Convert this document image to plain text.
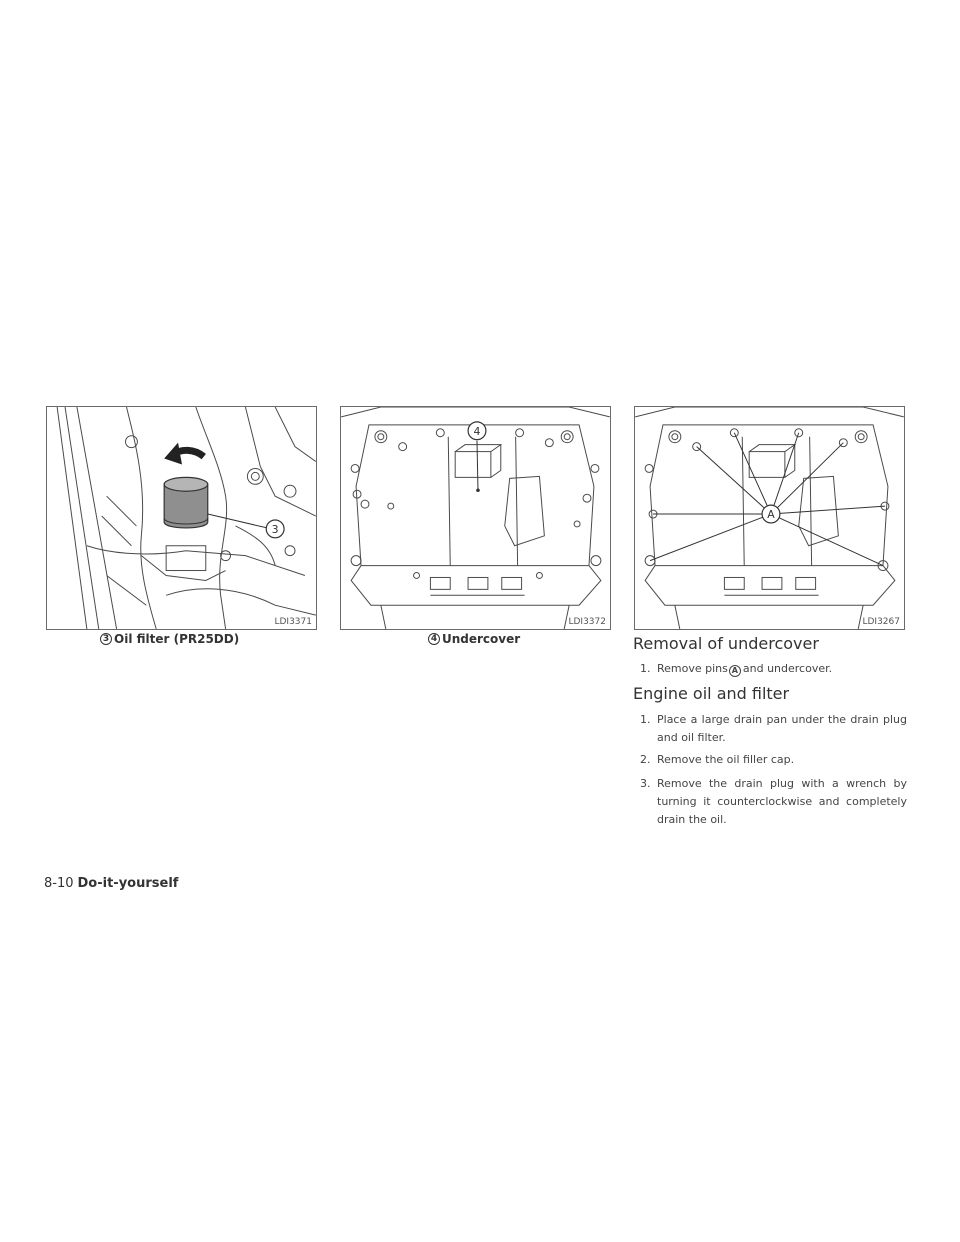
3
LDI3371
3 Oil filter (PR25DD)
4
LDI3372
4 Undercover
A
LDI3267
Removal of undercover

1. Remove pins A and undercover.

Engine oil and filter

1. Place a large drain pan under the drain plug and oil filter.

2. Remove the oil filler cap.

3. Remove the drain plug with a wrench by turning it counterclockwise and completely drain the oil.

8-10 Do-it-yourself
